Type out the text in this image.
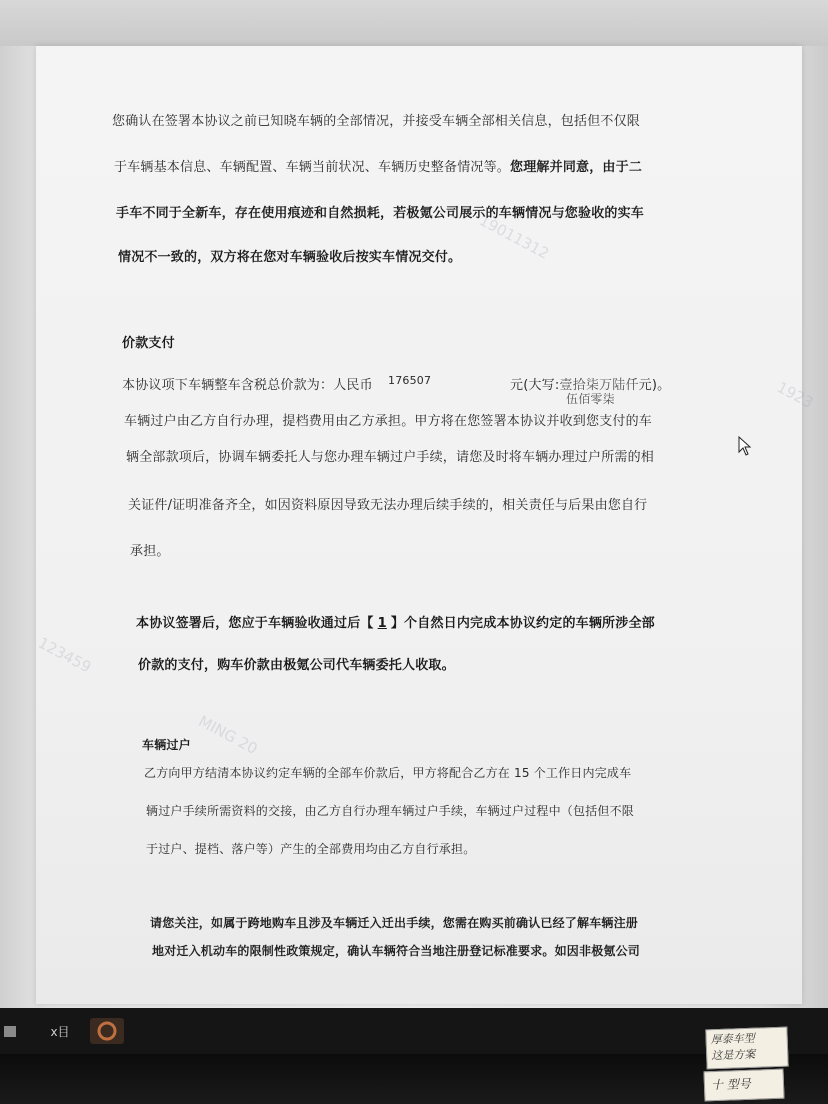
19011312
1923
123459
MING 20
您确认在签署本协议之前已知晓车辆的全部情况，并接受车辆全部相关信息，包括但不仅限
于车辆基本信息、车辆配置、车辆当前状况、车辆历史整备情况等。您理解并同意，由于二
手车不同于全新车，存在使用痕迹和自然损耗，若极氪公司展示的车辆情况与您验收的实车
情况不一致的，双方将在您对车辆验收后按实车情况交付。
价款支付
本协议项下车辆整车含税总价款为：人民币 176507	元(大写:壹拾柒万陆仟元)。
伍佰零柒
车辆过户由乙方自行办理，提档费用由乙方承担。甲方将在您签署本协议并收到您支付的车
辆全部款项后，协调车辆委托人与您办理车辆过户手续，请您及时将车辆办理过户所需的相
关证件/证明准备齐全，如因资料原因导致无法办理后续手续的，相关责任与后果由您自行
承担。
本协议签署后，您应于车辆验收通过后【 1 】个自然日内完成本协议约定的车辆所涉全部
价款的支付，购车价款由极氪公司代车辆委托人收取。
车辆过户
乙方向甲方结清本协议约定车辆的全部车价款后，甲方将配合乙方在 15 个工作日内完成车
辆过户手续所需资料的交接，由乙方自行办理车辆过户手续，车辆过户过程中（包括但不限
于过户、提档、落户等）产生的全部费用均由乙方自行承担。
请您关注，如属于跨地购车且涉及车辆迁入迁出手续，您需在购买前确认已经了解车辆注册
地对迁入机动车的限制性政策规定，确认车辆符合当地注册登记标准要求。如因非极氪公司
x目
厚泰车型
这是方案
十 型号
